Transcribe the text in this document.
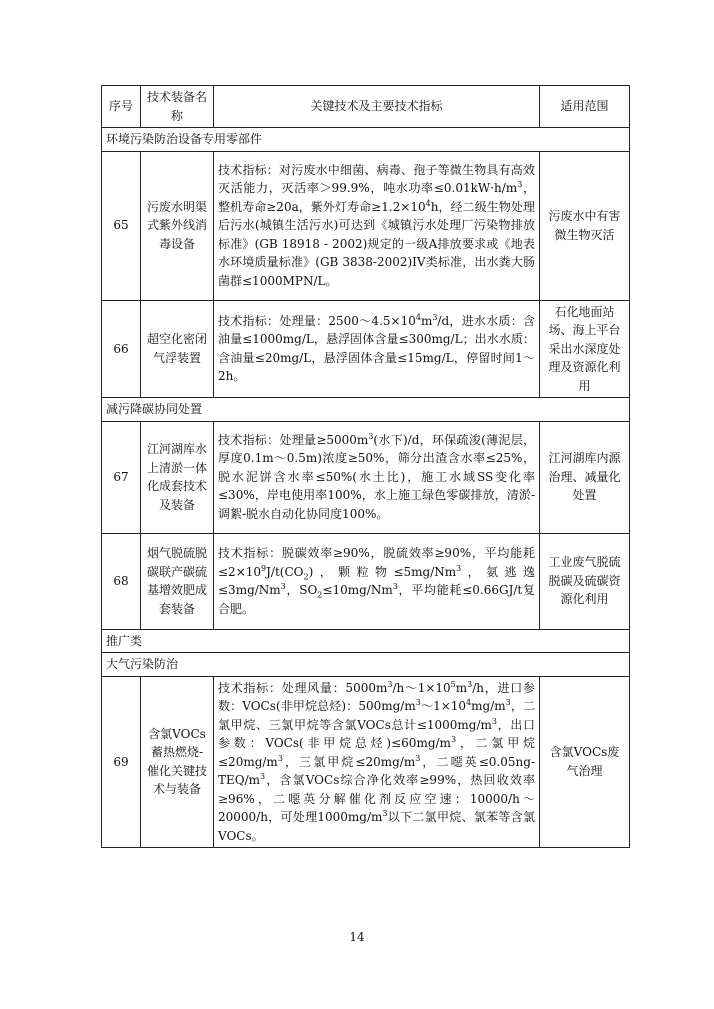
序号	技术装备名称	关键技术及主要技术指标	适用范围
环境污染防治设备专用零部件			
65	污废水明渠式紫外线消毒设备	技术指标：对污废水中细菌、病毒、孢子等微生物具有高效灭活能力，灭活率＞99.9%，吨水功率$\le 0.01kW\cdot h/m^3$，整机寿命≥20a，紫外灯寿命$\ge 1.2\times 10^4h$，经二级生物处理后污水(城镇生活污水)可达到《城镇污水处理厂污染物排放标准》(GB 18918 - 2002)规定的一级A排放要求或《地表水环境质量标准》(GB 3838-2002)IV类标准，出水粪大肠菌群≤1000MPN/L。	污废水中有害微生物灭活
66	超空化密闭气浮装置	技术指标：处理量：$2500\sim 4.5\times 10^4m^3/d$，进水水质：含油量≤1000mg/L，悬浮固体含量≤300mg/L；出水水质：含油量≤20mg/L，悬浮固体含量≤15mg/L，停留时间1～2h。	石化地面站场、海上平台采出水深度处理及资源化利用
减污降碳协同处置			
67	江河湖库水上清淤一体化成套技术及装备	技术指标：处理量$\ge 5000m^3$(水下)/d，环保疏浚(薄泥层，厚度0.1m～0.5m)浓度≥50%，筛分出渣含水率≤25%，脱水泥饼含水率≤50%(水土比)，施工水域SS变化率≤30%，岸电使用率100%，水上施工绿色零碳排放，清淤-调絮-脱水自动化协同度100%。	江河湖库内源治理、减量化处置
68	烟气脱硫脱碳联产碳硫基增效肥成套装备	技术指标：脱碳效率≥90%，脱硫效率≥90%，平均能耗$\le 2\times 10^9J/t(CO_2)$，颗粒物$\le 5mg/Nm^3$，氨逃逸$\le 3mg/Nm^3$，$SO_2\le 10mg/Nm^3$，平均能耗≤0.66GJ/t复合肥。	工业废气脱硫脱碳及硫碳资源化利用
推广类			
大气污染防治			
69	含氯VOCs蓄热燃烧-催化关键技术与装备	技术指标：处理风量：$5000m^3/h\sim 1\times 10^5m^3/h$，进口参数：VOCs(非甲烷总烃)：$500mg/m^3\sim 1\times 10^4mg/m^3$，二氯甲烷、三氯甲烷等含氯VOCs总计$\le 1000mg/m^3$，出口参数：VOCs(非甲烷总烃)$\le 60mg/m^3$，二氯甲烷$\le 20mg/m^3$，三氯甲烷$\le 20mg/m^3$，二噁英$\le 0.05ng-TEQ/m^3$，含氯VOCs综合净化效率≥99%，热回收效率≥96%，二噁英分解催化剂反应空速：10000/h～20000/h，可处理$1000mg/m^3$以下二氯甲烷、氯苯等含氯VOCs。	含氯VOCs废气治理
14
